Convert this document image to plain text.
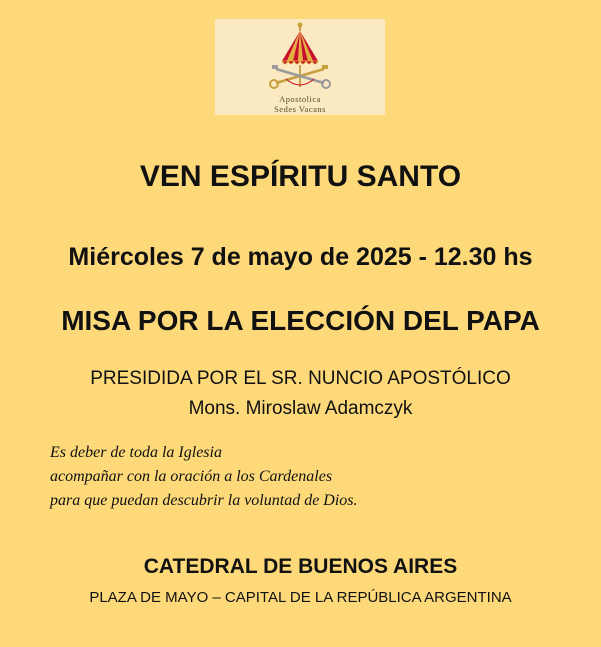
Apostolica
Sedes Vacans
VEN ESPÍRITU SANTO
Miércoles 7 de mayo de 2025 - 12.30 hs
MISA POR LA ELECCIÓN DEL PAPA
PRESIDIDA POR EL SR. NUNCIO APOSTÓLICO
Mons. Miroslaw Adamczyk
Es deber de toda la Iglesia
acompañar con la oración a los Cardenales
para que puedan descubrir la voluntad de Dios.
CATEDRAL DE BUENOS AIRES
PLAZA DE MAYO – CAPITAL DE LA REPÚBLICA ARGENTINA
